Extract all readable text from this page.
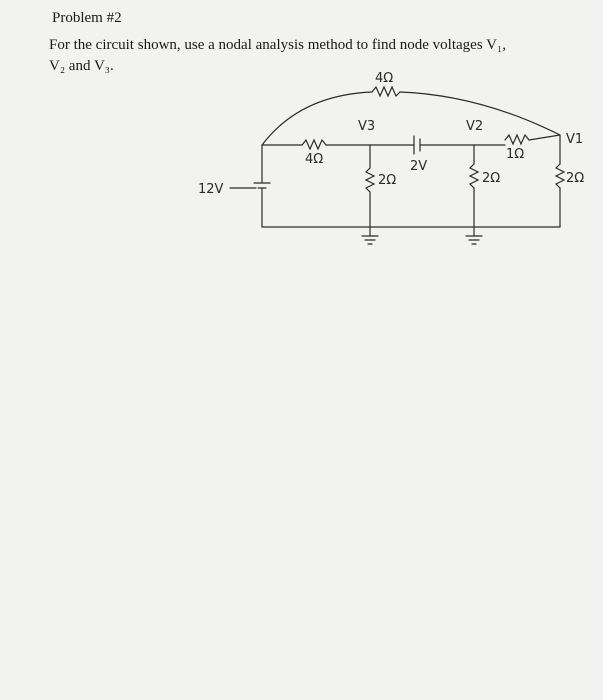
Problem #2
For the circuit shown, use a nodal analysis method to find node voltages V₁,
V₂ and V₃.
12V
4Ω
V3
2V
V2
1Ω
V1
2Ω	2Ω	2Ω
4Ω
